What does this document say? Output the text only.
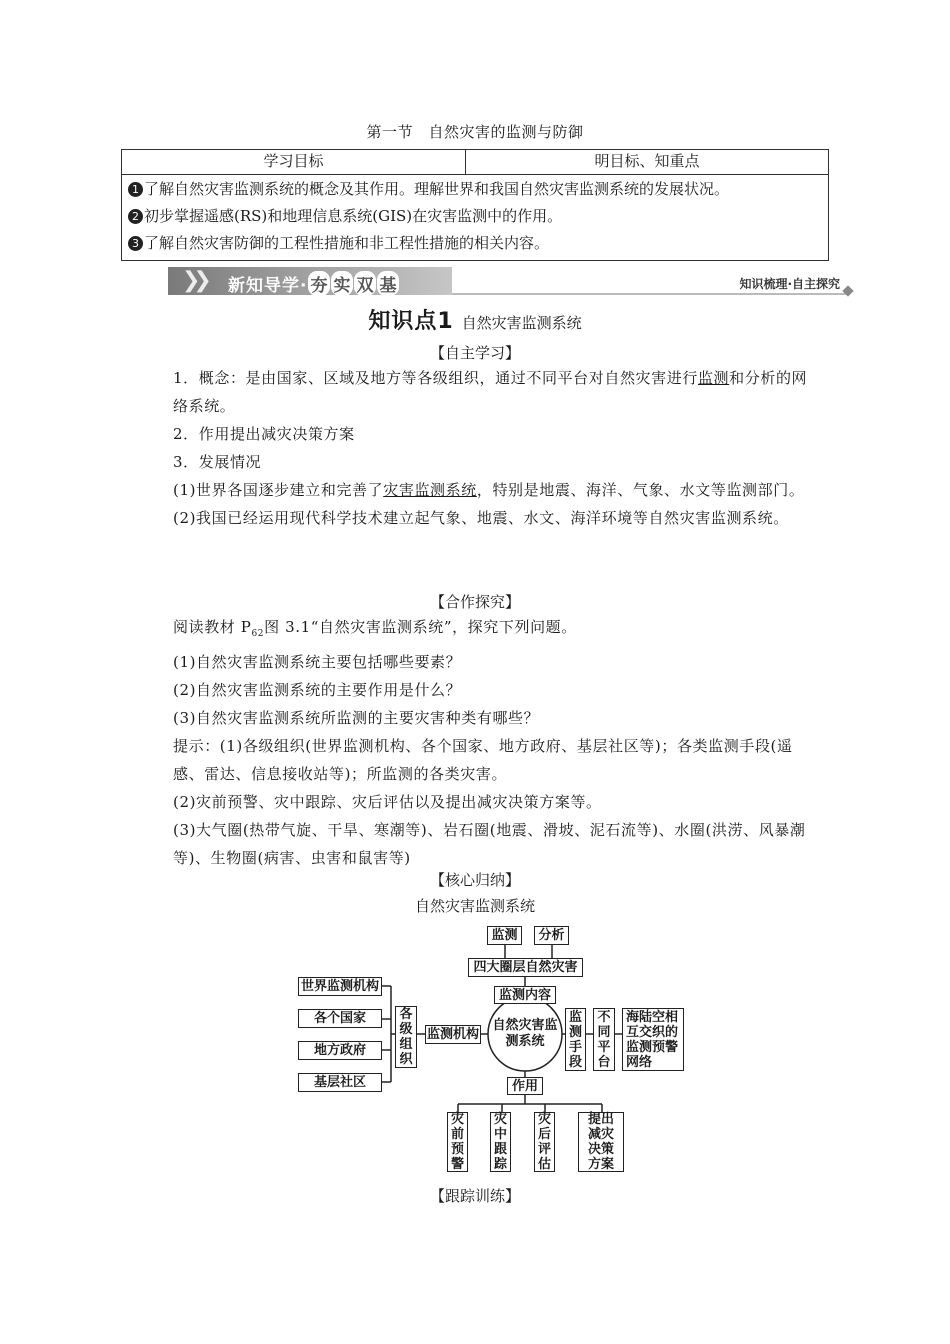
第一节　自然灾害的监测与防御
学习目标	明目标、知重点
1 了解自然灾害监测系统的概念及其作用。理解世界和我国自然灾害监测系统的发展状况。
2 初步掌握遥感(RS)和地理信息系统(GIS)在灾害监测中的作用。
3 了解自然灾害防御的工程性措施和非工程性措施的相关内容。
❯❯ 新知导学· 夯 实 双 基	知识梳理·自主探究
知识点1 自然灾害监测系统
【自主学习】
1．概念：是由国家、区域及地方等各级组织，通过不同平台对自然灾害进行监测和分析的网络系统。
2．作用提出减灾决策方案
3．发展情况
(1)世界各国逐步建立和完善了灾害监测系统，特别是地震、海洋、气象、水文等监测部门。
(2)我国已经运用现代科学技术建立起气象、地震、水文、海洋环境等自然灾害监测系统。
【合作探究】
阅读教材 $P_{62}$图 3.1“自然灾害监测系统”，探究下列问题。
(1)自然灾害监测系统主要包括哪些要素？
(2)自然灾害监测系统的主要作用是什么？
(3)自然灾害监测系统所监测的主要灾害种类有哪些？
提示：(1)各级组织(世界监测机构、各个国家、地方政府、基层社区等)；各类监测手段(遥感、雷达、信息接收站等)；所监测的各类灾害。
(2)灾前预警、灾中跟踪、灾后评估以及提出减灾决策方案等。
(3)大气圈(热带气旋、干旱、寒潮等)、岩石圈(地震、滑坡、泥石流等)、水圈(洪涝、风暴潮等)、生物圈(病害、虫害和鼠害等)
【核心归纳】
自然灾害监测系统
监测	分析
四大圈层自然灾害
监测内容
世界监测机构
各个国家
地方政府
基层社区
各级组织
监测机构
自然灾害监测系统
监测手段
不同平台
海陆空相互交织的监测预警网络
作用
灾前预警
灾中跟踪
灾后评估
提出减灾决策方案
【跟踪训练】
